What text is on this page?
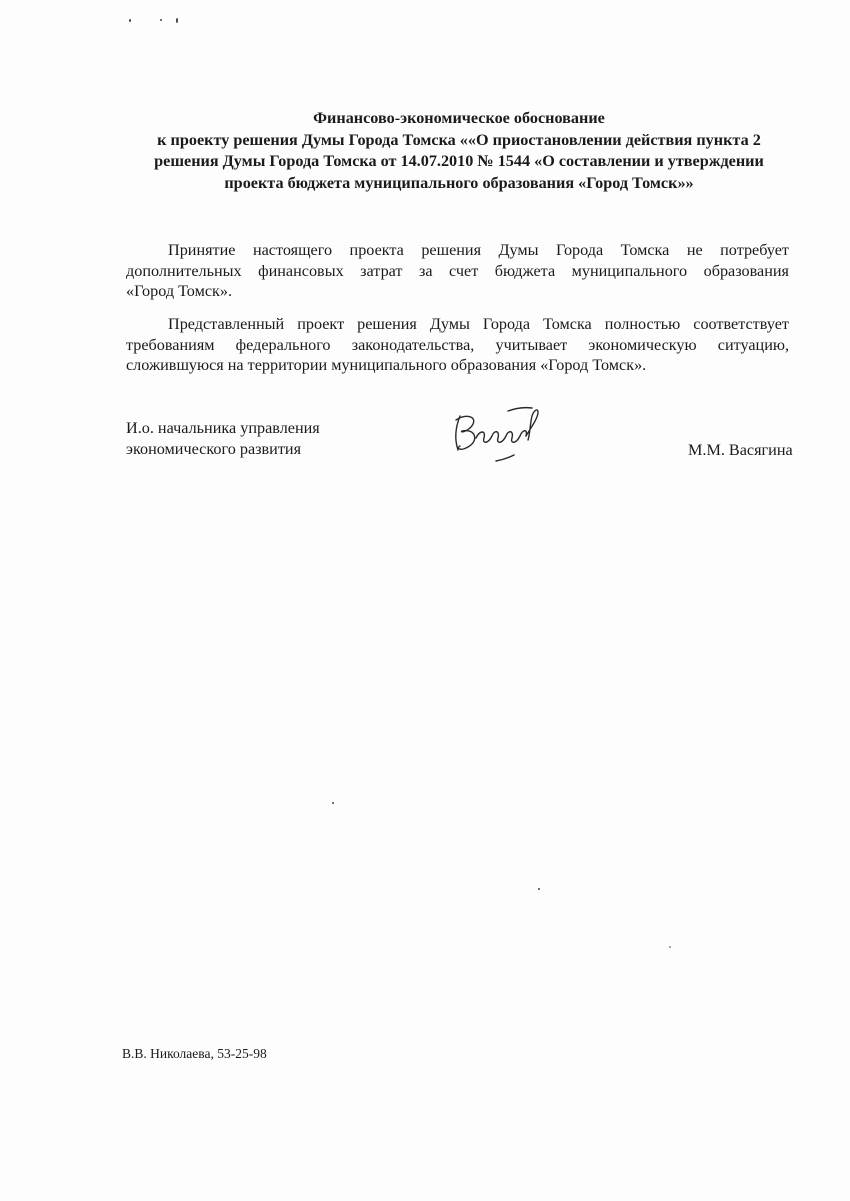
Финансово-экономическое обоснование
к проекту решения Думы Города Томска ««О приостановлении действия пункта 2
решения Думы Города Томска от 14.07.2010 № 1544 «О составлении и утверждении
проекта бюджета муниципального образования «Город Томск»»
Принятие настоящего проекта решения Думы Города Томска не потребует
дополнительных финансовых затрат за счет бюджета муниципального образования
«Город Томск».
Представленный проект решения Думы Города Томска полностью соответствует
требованиям федерального законодательства, учитывает экономическую ситуацию,
сложившуюся на территории муниципального образования «Город Томск».
И.о. начальника управления
экономического развития	М.М. Васягина
В.В. Николаева, 53-25-98
